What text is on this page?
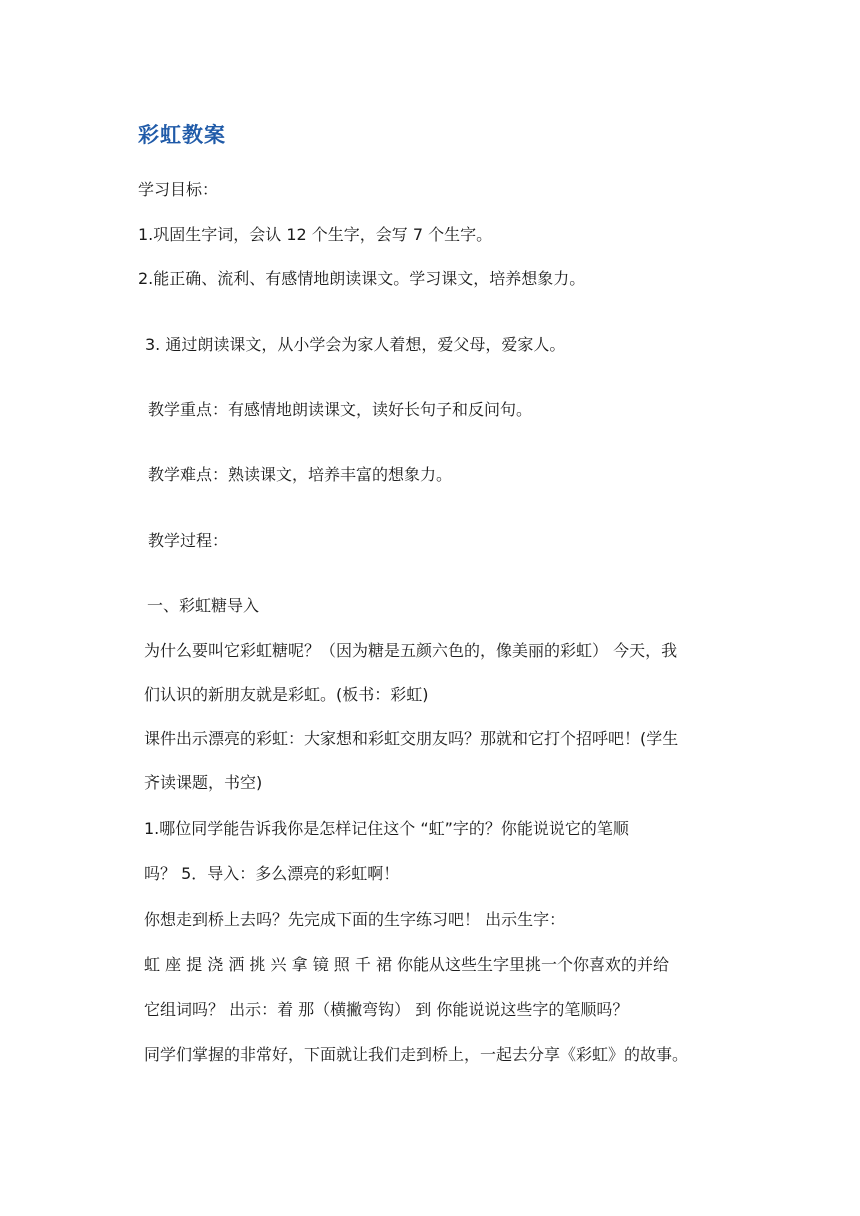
彩虹教案
学习目标：
1.巩固生字词，会认 12 个生字，会写 7 个生字。
2.能正确、流利、有感情地朗读课文。学习课文，培养想象力。
3. 通过朗读课文，从小学会为家人着想，爱父母，爱家人。
教学重点：有感情地朗读课文，读好长句子和反问句。
教学难点：熟读课文，培养丰富的想象力。
教学过程：
一、彩虹糖导入
为什么要叫它彩虹糖呢？（因为糖是五颜六色的，像美丽的彩虹） 今天，我
们认识的新朋友就是彩虹。(板书：彩虹)
课件出示漂亮的彩虹：大家想和彩虹交朋友吗？那就和它打个招呼吧！(学生
齐读课题，书空)
1.哪位同学能告诉我你是怎样记住这个 “虹”字的？你能说说它的笔顺
吗？ 5．导入：多么漂亮的彩虹啊！
你想走到桥上去吗？先完成下面的生字练习吧！ 出示生字：
虹 座 提 浇 洒 挑 兴 拿 镜 照 千 裙 你能从这些生字里挑一个你喜欢的并给
它组词吗？ 出示：着 那（横撇弯钩） 到 你能说说这些字的笔顺吗？
同学们掌握的非常好，下面就让我们走到桥上，一起去分享《彩虹》的故事。
